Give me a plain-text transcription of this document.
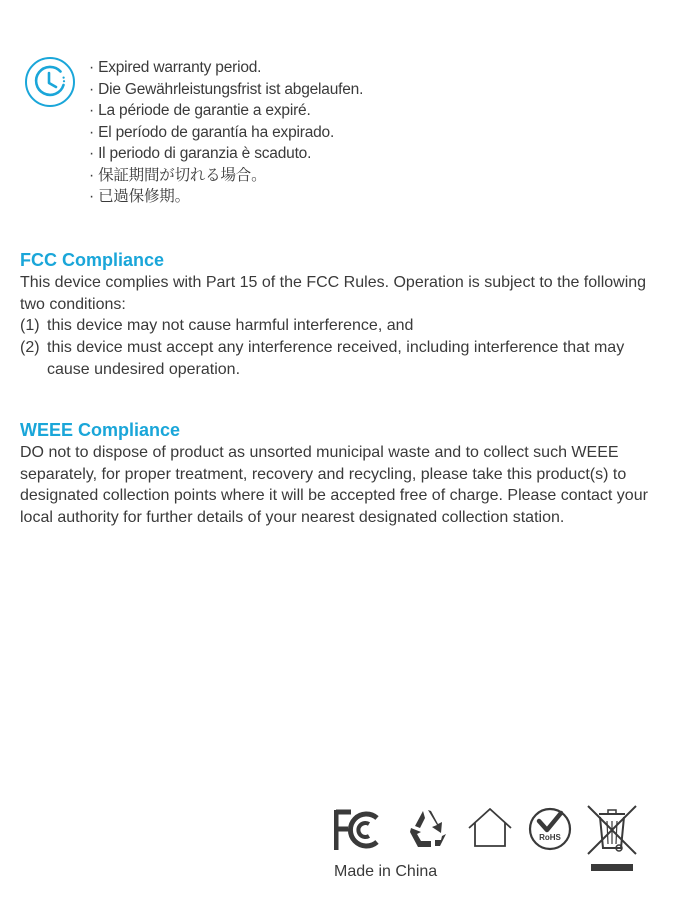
· Expired warranty period.
· Die Gewährleistungsfrist ist abgelaufen.
· La période de garantie a expiré.
· El período de garantía ha expirado.
· Il periodo di garanzia è scaduto.
· 保証期間が切れる場合。
· 已過保修期。
FCC Compliance

This device complies with Part 15 of the FCC Rules. Operation is subject to the following two conditions:

(1) this device may not cause harmful interference, and
(2) this device must accept any interference received, including interference that may cause undesired operation.
WEEE Compliance

DO not to dispose of product as unsorted municipal waste and to collect such WEEE separately, for proper treatment, recovery and recycling, please take this product(s) to designated collection points where it will be accepted free of charge. Please contact your local authority for further details of your nearest designated collection station.

RoHS
Made in China
